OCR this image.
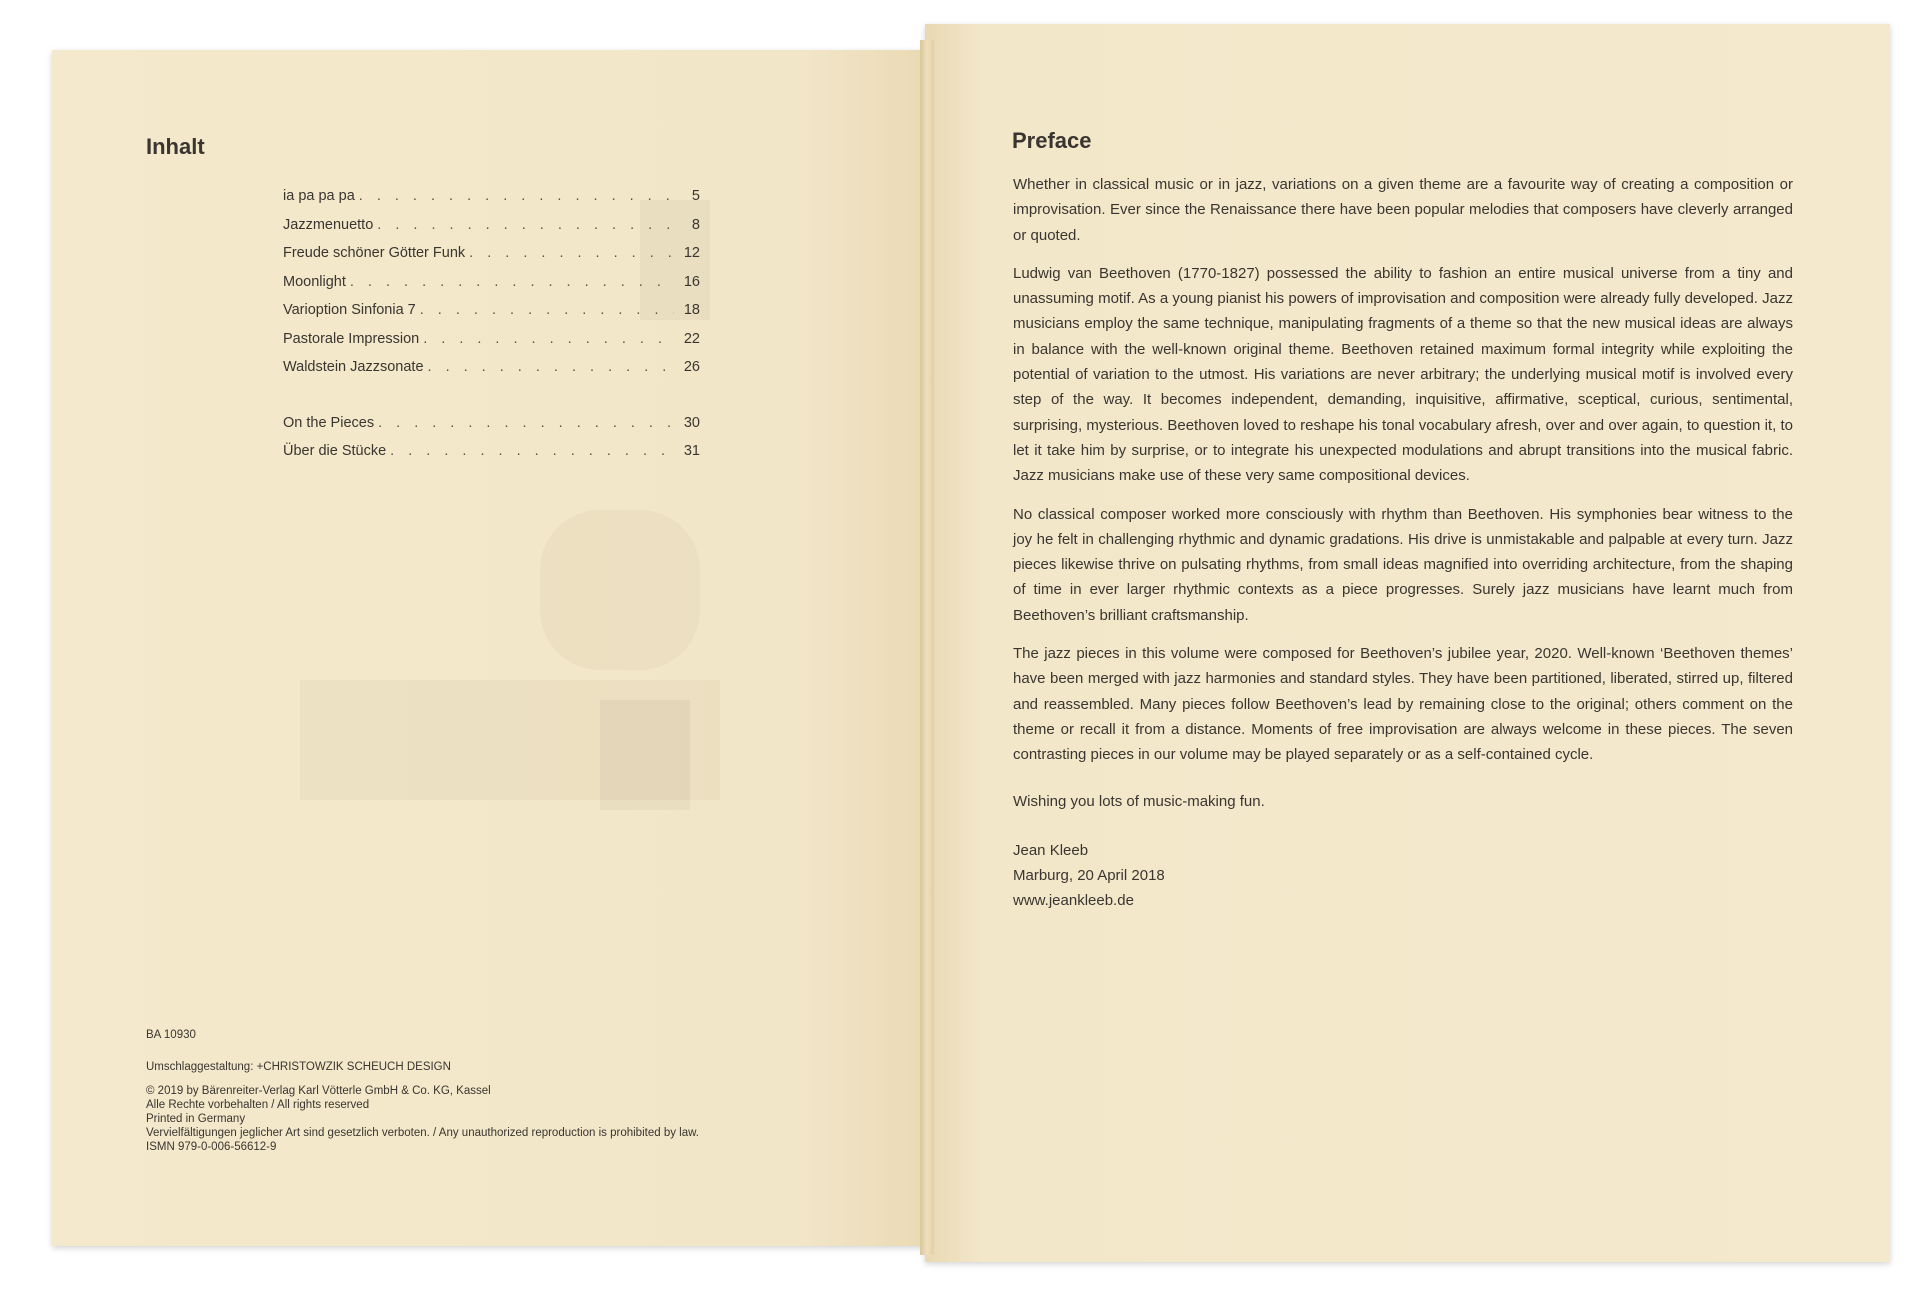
Inhalt
ia pa pa pa . . .	5
Jazzmenuetto . . .	8
Freude schöner Götter Funk . . .	12
Moonlight . . .	16
Varioption Sinfonia 7 . . .	18
Pastorale Impression . . .	22
Waldstein Jazzsonate . . .	26
On the Pieces . . .	30
Über die Stücke . . .	31

BA 10930

Umschlaggestaltung: +CHRISTOWZIK SCHEUCH DESIGN

© 2019 by Bärenreiter-Verlag Karl Vötterle GmbH & Co. KG, Kassel

Alle Rechte vorbehalten / All rights reserved

Printed in Germany

Vervielfältigungen jeglicher Art sind gesetzlich verboten. / Any unauthorized reproduction is prohibited by law.

ISMN 979-0-006-56612-9

Preface

Whether in classical music or in jazz, variations on a given theme are a favourite way of creating a composition or improvisation. Ever since the Renaissance there have been popular melodies that composers have cleverly arranged or quoted.

Ludwig van Beethoven (1770-1827) possessed the ability to fashion an entire musical universe from a tiny and unassuming motif. As a young pianist his powers of improvisation and composition were already fully developed. Jazz musicians employ the same technique, manipulating fragments of a theme so that the new musical ideas are always in balance with the well-known original theme. Beethoven retained maximum formal integrity while exploiting the potential of variation to the utmost. His variations are never arbitrary; the underlying musical motif is involved every step of the way. It becomes independent, demanding, inquisitive, affirmative, sceptical, curious, sentimental, surprising, mysterious. Beethoven loved to reshape his tonal vocabulary afresh, over and over again, to question it, to let it take him by surprise, or to integrate his unexpected modulations and abrupt transitions into the musical fabric. Jazz musicians make use of these very same compositional devices.

No classical composer worked more consciously with rhythm than Beethoven. His symphonies bear witness to the joy he felt in challenging rhythmic and dynamic gradations. His drive is unmistakable and palpable at every turn. Jazz pieces likewise thrive on pulsating rhythms, from small ideas magnified into overriding architecture, from the shaping of time in ever larger rhythmic contexts as a piece progresses. Surely jazz musicians have learnt much from Beethoven’s brilliant craftsmanship.

The jazz pieces in this volume were composed for Beethoven’s jubilee year, 2020. Well-known ‘Beethoven themes’ have been merged with jazz harmonies and standard styles. They have been partitioned, liberated, stirred up, filtered and reassembled. Many pieces follow Beethoven’s lead by remaining close to the original; others comment on the theme or recall it from a distance. Moments of free improvisation are always welcome in these pieces. The seven contrasting pieces in our volume may be played separately or as a self-contained cycle.

Wishing you lots of music-making fun.

Jean Kleeb

Marburg, 20 April 2018

www.jeankleeb.de
